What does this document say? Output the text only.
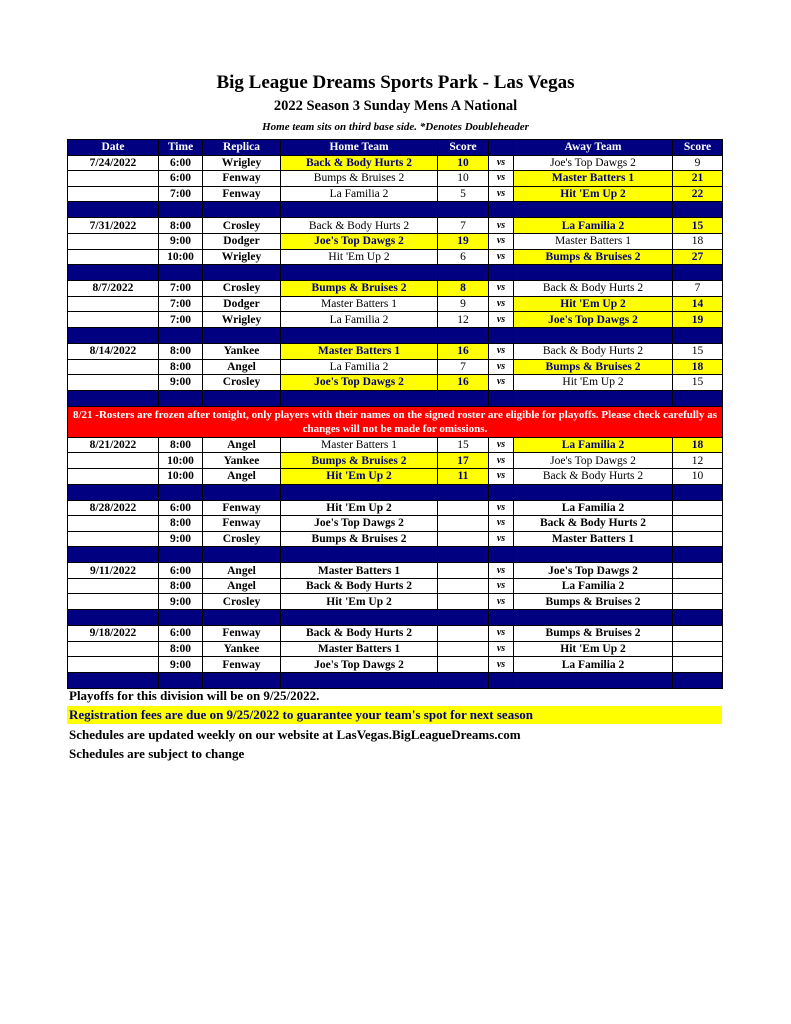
Big League Dreams Sports Park - Las Vegas
2022 Season 3 Sunday Mens A National
Home team sits on third base side. *Denotes Doubleheader
Date	Time	Replica	Home Team	Score		Away Team	Score
7/24/2022	6:00	Wrigley	Back & Body Hurts 2	10	vs	Joe's Top Dawgs 2	9
	6:00	Fenway	Bumps & Bruises 2	10	vs	Master Batters 1	21
	7:00	Fenway	La Familia 2	5	vs	Hit 'Em Up 2	22

7/31/2022	8:00	Crosley	Back & Body Hurts 2	7	vs	La Familia 2	15
	9:00	Dodger	Joe's Top Dawgs 2	19	vs	Master Batters 1	18
	10:00	Wrigley	Hit 'Em Up 2	6	vs	Bumps & Bruises 2	27

8/7/2022	7:00	Crosley	Bumps & Bruises 2	8	vs	Back & Body Hurts 2	7
	7:00	Dodger	Master Batters 1	9	vs	Hit 'Em Up 2	14
	7:00	Wrigley	La Familia 2	12	vs	Joe's Top Dawgs 2	19

8/14/2022	8:00	Yankee	Master Batters 1	16	vs	Back & Body Hurts 2	15
	8:00	Angel	La Familia 2	7	vs	Bumps & Bruises 2	18
	9:00	Crosley	Joe's Top Dawgs 2	16	vs	Hit 'Em Up 2	15

8/21 -Rosters are frozen after tonight, only players with their names on the signed roster are eligible for playoffs. Please check carefully as changes will not be made for omissions.							
8/21/2022	8:00	Angel	Master Batters 1	15	vs	La Familia 2	18
	10:00	Yankee	Bumps & Bruises 2	17	vs	Joe's Top Dawgs 2	12
	10:00	Angel	Hit 'Em Up 2	11	vs	Back & Body Hurts 2	10

8/28/2022	6:00	Fenway	Hit 'Em Up 2		vs	La Familia 2	
	8:00	Fenway	Joe's Top Dawgs 2		vs	Back & Body Hurts 2	
	9:00	Crosley	Bumps & Bruises 2		vs	Master Batters 1	

9/11/2022	6:00	Angel	Master Batters 1		vs	Joe's Top Dawgs 2	
	8:00	Angel	Back & Body Hurts 2		vs	La Familia 2	
	9:00	Crosley	Hit 'Em Up 2		vs	Bumps & Bruises 2	

9/18/2022	6:00	Fenway	Back & Body Hurts 2		vs	Bumps & Bruises 2	
	8:00	Yankee	Master Batters 1		vs	Hit 'Em Up 2	
	9:00	Fenway	Joe's Top Dawgs 2		vs	La Familia 2	

Playoffs for this division will be on 9/25/2022.
Registration fees are due on 9/25/2022 to guarantee your team's spot for next season
Schedules are updated weekly on our website at LasVegas.BigLeagueDreams.com
Schedules are subject to change
